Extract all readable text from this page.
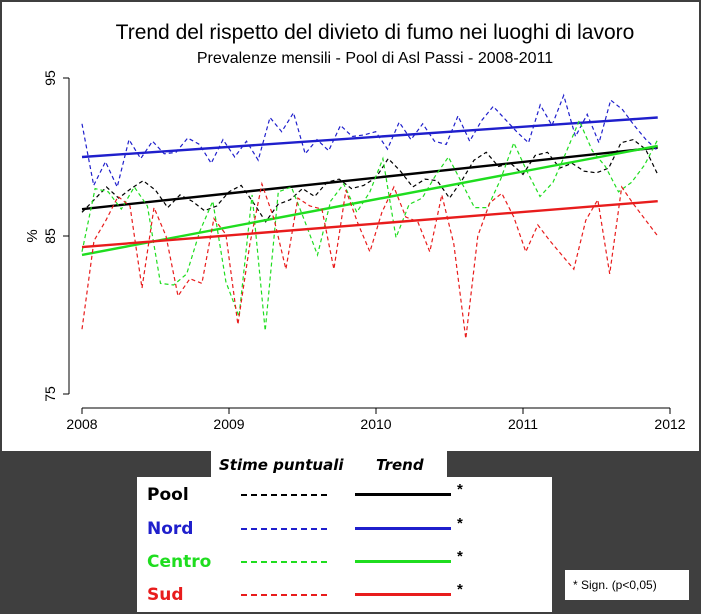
Trend del rispetto del divieto di fumo nei luoghi di lavoro
Prevalenze mensili - Pool di Asl Passi - 2008-2011
75
85
95
2008	2009	2010	2011	2012
%
Stime puntuali Trend
Pool	*
Nord	*
Centro	*
Sud	*	* Sign. (p<0,05)
